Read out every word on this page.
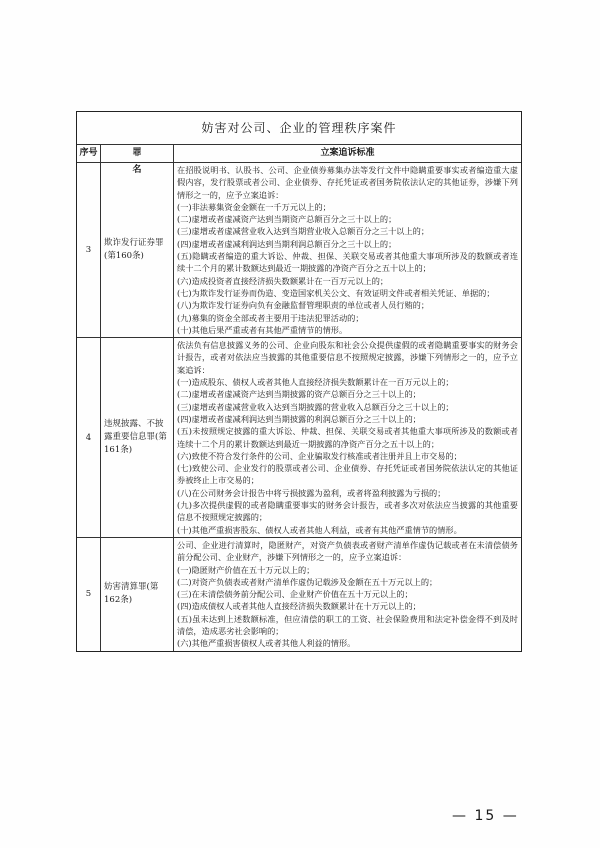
妨害对公司、企业的管理秩序案件
序号	罪　名
立案追诉标准
3
欺诈发行证券罪(第160条)

在招股说明书、认股书、公司、企业债券募集办法等发行文件中隐瞒重要事实或者编造重大虚假内容，发行股票或者公司、企业债券、存托凭证或者国务院依法认定的其他证券，涉嫌下列情形之一的，应予立案追诉：

(一)非法募集资金金额在一千万元以上的；

(二)虚增或者虚减资产达到当期资产总额百分之三十以上的；

(三)虚增或者虚减营业收入达到当期营业收入总额百分之三十以上的；

(四)虚增或者虚减利润达到当期利润总额百分之三十以上的；

(五)隐瞒或者编造的重大诉讼、仲裁、担保、关联交易或者其他重大事项所涉及的数额或者连续十二个月的累计数额达到最近一期披露的净资产百分之五十以上的；

(六)造成投资者直接经济损失数额累计在一百万元以上的；

(七)为欺诈发行证券而伪造、变造国家机关公文、有效证明文件或者相关凭证、单据的；

(八)为欺诈发行证券向负有金融监督管理职责的单位或者人员行贿的；

(九)募集的资金全部或者主要用于违法犯罪活动的；

(十)其他后果严重或者有其他严重情节的情形。

4
违规披露、不披露重要信息罪(第161条)

依法负有信息披露义务的公司、企业向股东和社会公众提供虚假的或者隐瞒重要事实的财务会计报告，或者对依法应当披露的其他重要信息不按照规定披露，涉嫌下列情形之一的，应予立案追诉：

(一)造成股东、债权人或者其他人直接经济损失数额累计在一百万元以上的；

(二)虚增或者虚减资产达到当期披露的资产总额百分之三十以上的；

(三)虚增或者虚减营业收入达到当期披露的营业收入总额百分之三十以上的；

(四)虚增或者虚减利润达到当期披露的利润总额百分之三十以上的；

(五)未按照规定披露的重大诉讼、仲裁、担保、关联交易或者其他重大事项所涉及的数额或者连续十二个月的累计数额达到最近一期披露的净资产百分之五十以上的；

(六)致使不符合发行条件的公司、企业骗取发行核准或者注册并且上市交易的；

(七)致使公司、企业发行的股票或者公司、企业债券、存托凭证或者国务院依法认定的其他证券被终止上市交易的；

(八)在公司财务会计报告中将亏损披露为盈利，或者将盈利披露为亏损的；

(九)多次提供虚假的或者隐瞒重要事实的财务会计报告，或者多次对依法应当披露的其他重要信息不按照规定披露的；

(十)其他严重损害股东、债权人或者其他人利益，或者有其他严重情节的情形。

5
妨害清算罪(第162条)

公司、企业进行清算时，隐匿财产，对资产负债表或者财产清单作虚伪记载或者在未清偿债务前分配公司、企业财产，涉嫌下列情形之一的，应予立案追诉：

(一)隐匿财产价值在五十万元以上的；

(二)对资产负债表或者财产清单作虚伪记载涉及金额在五十万元以上的；

(三)在未清偿债务前分配公司、企业财产价值在五十万元以上的；

(四)造成债权人或者其他人直接经济损失数额累计在十万元以上的；

(五)虽未达到上述数额标准，但应清偿的职工的工资、社会保险费用和法定补偿金得不到及时清偿，造成恶劣社会影响的；

(六)其他严重损害债权人或者其他人利益的情形。

— 15 —
